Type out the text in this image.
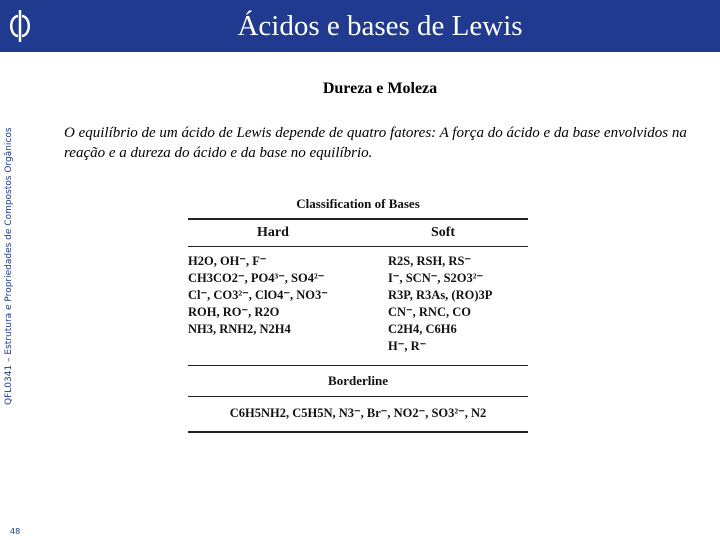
Ácidos e bases de Lewis
QFL0341 – Estrutura e Propriedades de Compostos Orgânicos
48
Dureza e Moleza
O equilíbrio de um ácido de Lewis depende de quatro fatores: A força do ácido e da base envolvidos na reação e a dureza do ácido e da base no equilíbrio.
Classification of Bases
Hard	Soft
H2O, OH⁻, F⁻
CH3CO2⁻, PO4³⁻, SO4²⁻
Cl⁻, CO3²⁻, ClO4⁻, NO3⁻
ROH, RO⁻, R2O
NH3, RNH2, N2H4
R2S, RSH, RS⁻
I⁻, SCN⁻, S2O3²⁻
R3P, R3As, (RO)3P
CN⁻, RNC, CO
C2H4, C6H6
H⁻, R⁻
Borderline
C6H5NH2, C5H5N, N3⁻, Br⁻, NO2⁻, SO3²⁻, N2
